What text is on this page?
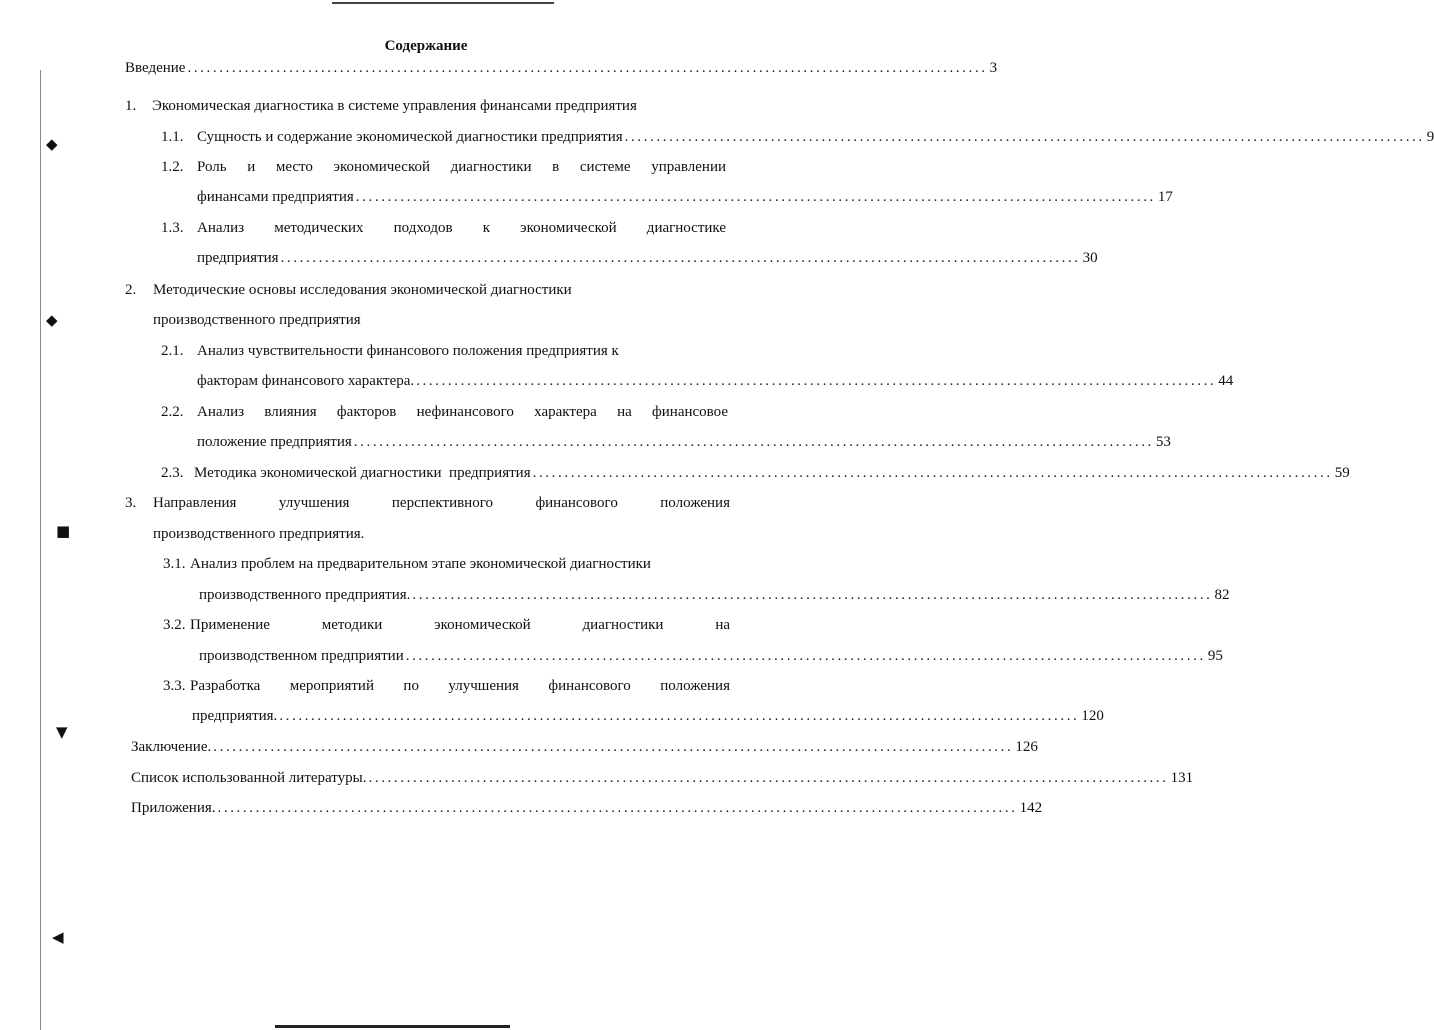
◆
◆
■
▼
◀
Содержание
Введение .............................................................................................................................. 3
1. Экономическая диагностика в системе управления финансами предприятия
1.1. Сущность и содержание экономической диагностики предприятия .............................................................................................................................. 9
1.2. Роль и место экономической диагностики в системе управлении
финансами предприятия .............................................................................................................................. 17
1.3. Анализ методических подходов к экономической диагностике
предприятия .............................................................................................................................. 30
2. Методические основы исследования экономической диагностики
производственного предприятия
2.1. Анализ чувствительности финансового положения предприятия к
факторам финансового характера. .............................................................................................................................. 44
2.2. Анализ влияния факторов нефинансового характера на финансовое
положение предприятия .............................................................................................................................. 53
2.3. Методика экономической диагностики  предприятия .............................................................................................................................. 59
3. Направления улучшения перспективного финансового положения
производственного предприятия.
3.1. Анализ проблем на предварительном этапе экономической диагностики
производственного предприятия. .............................................................................................................................. 82
3.2. Применение методики экономической диагностики на
производственном предприятии .............................................................................................................................. 95
3.3. Разработка мероприятий по улучшения финансового положения
предприятия. .............................................................................................................................. 120
Заключение. .............................................................................................................................. 126
Список использованной литературы. .............................................................................................................................. 131
Приложения. .............................................................................................................................. 142
